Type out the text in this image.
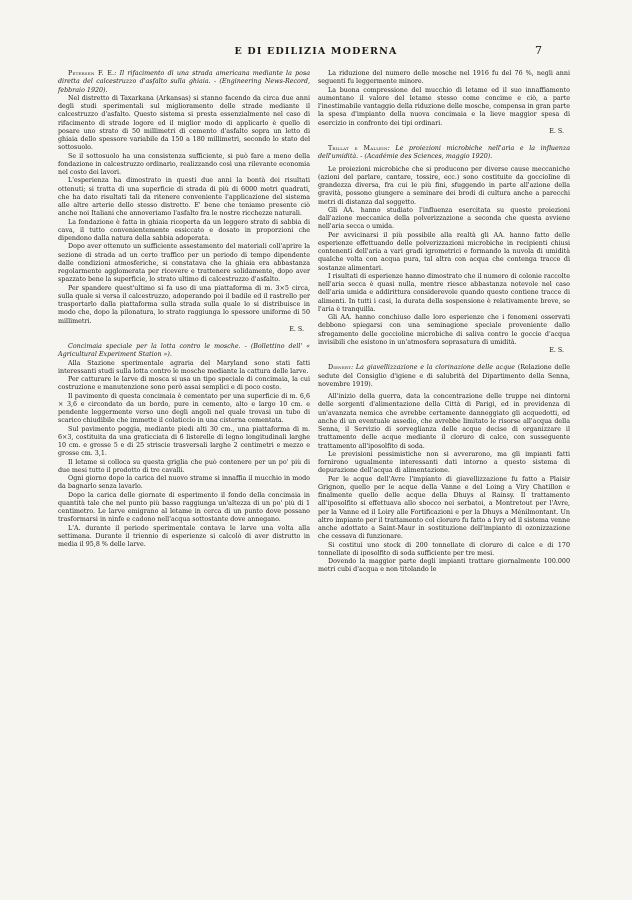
E DI EDILIZIA MODERNA	7

Petersen F. E.: Il rifacimento di una strada americana mediante la posa diretta del calcestruzzo d'asfalto sulla ghiaia. - (Engineering News-Record, febbraio 1920).

Nel distretto di Taxarkana (Arkansas) si stanno facendo da circa due anni degli studi sperimentali sul miglioramento delle strade mediante il calcestruzzo d'asfalto. Questo sistema si presta essenzialmente nel caso di rifacimento di strade logore ed il miglior modo di applicarlo è quello di posare uno strato di 50 millimetri di cemento d'asfalto sopra un letto di ghiaia dello spessore variabile da 150 a 180 millimetri, secondo lo stato del sottosuolo.

Se il sottosuolo ha una consistenza sufficiente, si può fare a meno della fondazione in calcestruzzo ordinario, realizzando così una rilevante economia nel costo dei lavori.

L'esperienza ha dimostrato in questi due anni la bontà dei risultati ottenuti; si tratta di una superficie di strada di più di 6000 metri quadrati, che ha dato risultati tali da ritenere conveniente l'applicazione del sistema alle altre arterie dello stesso distretto. E' bene che teniamo presente ciò anche noi Italiani che annoveriamo l'asfalto fra le nostre ricchezze naturali.

La fondazione è fatta in ghiaia ricoperta da un leggero strato di sabbia di cava, il tutto convenientemente essiccato e dosato in proporzioni che dipendono dalla natura della sabbia adoperata.

Dopo aver ottenuto un sufficiente assestamento del materiali coll'aprire la sezione di strada ad un certo traffico per un periodo di tempo dipendente dalle condizioni atmosferiche, si constatava che la ghiaia era abbastanza regolarmente agglomerata per ricevere e trattenere solidamente, dopo aver spazzato bene la superficie, lo strato ultimo di calcestruzzo d'asfalto.

Per spandere quest'ultimo si fa uso di una piattaforma di m. 3×5 circa, sulla quale si versa il calcestruzzo, adoperando poi il badile ed il rastrello per trasportarlo dalla piattaforma sulla strada sulla quale lo si distribuisce in modo che, dopo la pilonatura, lo strato raggiunga lo spessore uniforme di 50 millimetri.

E. S.

Concimaia speciale per la lotta contro le mosche. - (Bollettino dell' « Agricultural Experiment Station »).

Alla Stazione sperimentale agraria del Maryland sono stati fatti interessanti studi sulla lotta contro le mosche mediante la cattura delle larve.

Per catturare le larve di mosca si usa un tipo speciale di concimaia, la cui costruzione e manutenzione sono però assai semplici e di poco costo.

Il pavimento di questa concimaia è cementato per una superficie di m. 6,6 × 3,6 e circondato da un bordo, pure in cemento, alto e largo 10 cm. e pendente leggermente verso uno degli angoli nel quale trovasi un tubo di scarico chiudibile che immette il colaticcio in una cisterna cementata.

Sul pavimento poggia, mediante piedi alti 30 cm., una piattaforma di m. 6×3, costituita da una graticciata di 6 listerelle di legno longitudinali larghe 10 cm. e grosse 5 e di 25 striscie trasversali larghe 2 centimetri e mezzo e grosse cm. 3,1.

Il letame si colloca su questa griglia che può contenere per un po' più di due mesi tutto il prodotto di tre cavalli.

Ogni giorno dopo la carica del nuovo strame si innaffia il mucchio in modo da bagnarlo senza lavarlo.

Dopo la carica delle giornate di esperimento il fondo della concimaia in quantità tale che nel punto più basso raggiunga un'altezza di un po' più di 1 centimetro. Le larve emigrano al letame in cerca di un punto dove possano trasformarsi in ninfe e cadono nell'acqua sottostante dove annegano.

L'A. durante il periodo sperimentale contava le larve una volta alla settimana. Durante il triennio di esperienze si calcolò di aver distrutto in media il 95,8 % delle larve.

La riduzione del numero delle mosche nel 1916 fu del 76 %, negli anni seguenti fu leggermente minore.

La buona compressione del mucchio di letame ed il suo innaffiamento aumentano il valore del letame stesso come concime e ciò, a parte l'inestimabile vantaggio della riduzione delle mosche, compensa in gran parte la spesa d'impianto della nuova concimaia e la lieve maggior spesa di esercizio in confronto dei tipi ordinari.

E. S.

Trillat e Mallein: Le proiezioni microbiche nell'aria e la influenza dell'umidità. - (Académie des Sciences, maggio 1920).

Le proiezioni microbiche che si producono per diverse cause meccaniche (azioni del parlare, cantare, tossire, ecc.) sono costituite da goccioline di grandezza diversa, fra cui le più fini, sfuggendo in parte all'azione della gravità, possono giungere a seminare dei brodi di cultura anche a parecchi metri di distanza dal soggetto.

Gli AA. hanno studiato l'influenza esercitata su queste proiezioni dall'azione meccanica della polverizzazione a seconda che questa avviene nell'aria secca o umida.

Per avvicinarsi il più possibile alla realtà gli AA. hanno fatto delle esperienze effettuando delle polverizzazioni microbiche in recipienti chiusi contenenti dell'aria a vari gradi igrometrici e formando la nuvola di umidità qualche volta con acqua pura, tal altra con acqua che contenga tracce di sostanze alimentari.

I risultati di esperienze hanno dimostrato che il numero di colonie raccolte nell'aria secca è quasi nulla, mentre riesce abbastanza notevole nel caso dell'aria umida e addirittura considerevole quando questo contiene tracce di alimenti. In tutti i casi, la durata della sospensione è relativamente breve, se l'aria è tranquilla.

Gli AA. hanno conchiuso dalle loro esperienze che i fenomeni osservati debbono spiegarsi con una seminagione speciale proveniente dallo sfregamento delle goccioline microbiche di saliva contro le goccie d'acqua invisibili che esistono in un'atmosfera soprasatura di umidità.

E. S.

Dienert: La giavellizzazione e la clorinazione delle acque (Relazione delle sedute del Consiglio d'igiene e di salubrità del Dipartimento della Senna, novembre 1919).

All'inizio della guerra, data la concentrazione delle truppe nei dintorni delle sorgenti d'alimentazione della Città di Parigi, ed in previdenza di un'avanzata nemica che avrebbe certamente danneggiato gli acquedotti, ed anche di un eventuale assedio, che avrebbe limitato le risorse all'acqua della Senna, il Servizio di sorveglianza delle acque decise di organizzare il trattamento delle acque mediante il cloruro di calce, con susseguente trattamento all'iposolfito di soda.

Le previsioni pessimistiche non si avverarono, ma gli impianti fatti fornirono ugualmente interessanti dati intorno a questo sistema di depurazione dell'acqua di alimentazione.

Per le acque dell'Avre l'impianto di giavellizzazione fu fatto a Plaisir Grignon, quello per le acque della Vanne e del Loing a Viry Chatillon e finalmente quello delle acque della Dhuys al Rainsy. Il trattamento all'iposolfito si effettuava allo sbocco nei serbatoi, a Montretout per l'Avre, per la Vanne ed il Loiry alle Fortificazioni e per la Dhuys a Ménilmontant. Un altro impianto per il trattamento col cloruro fu fatto a Ivry ed il sistema venne anche adottato a Saint-Maur in sostituzione dell'impianto di ozonizzazione che cessava di funzionare.

Si costituì uno stock di 200 tonnellate di cloruro di calce e di 170 tonnellate di iposolfito di soda sufficiente per tre mesi.

Dovendo la maggior parte degli impianti trattare giornalmente 100.000 metri cubi d'acqua e non titolando le
